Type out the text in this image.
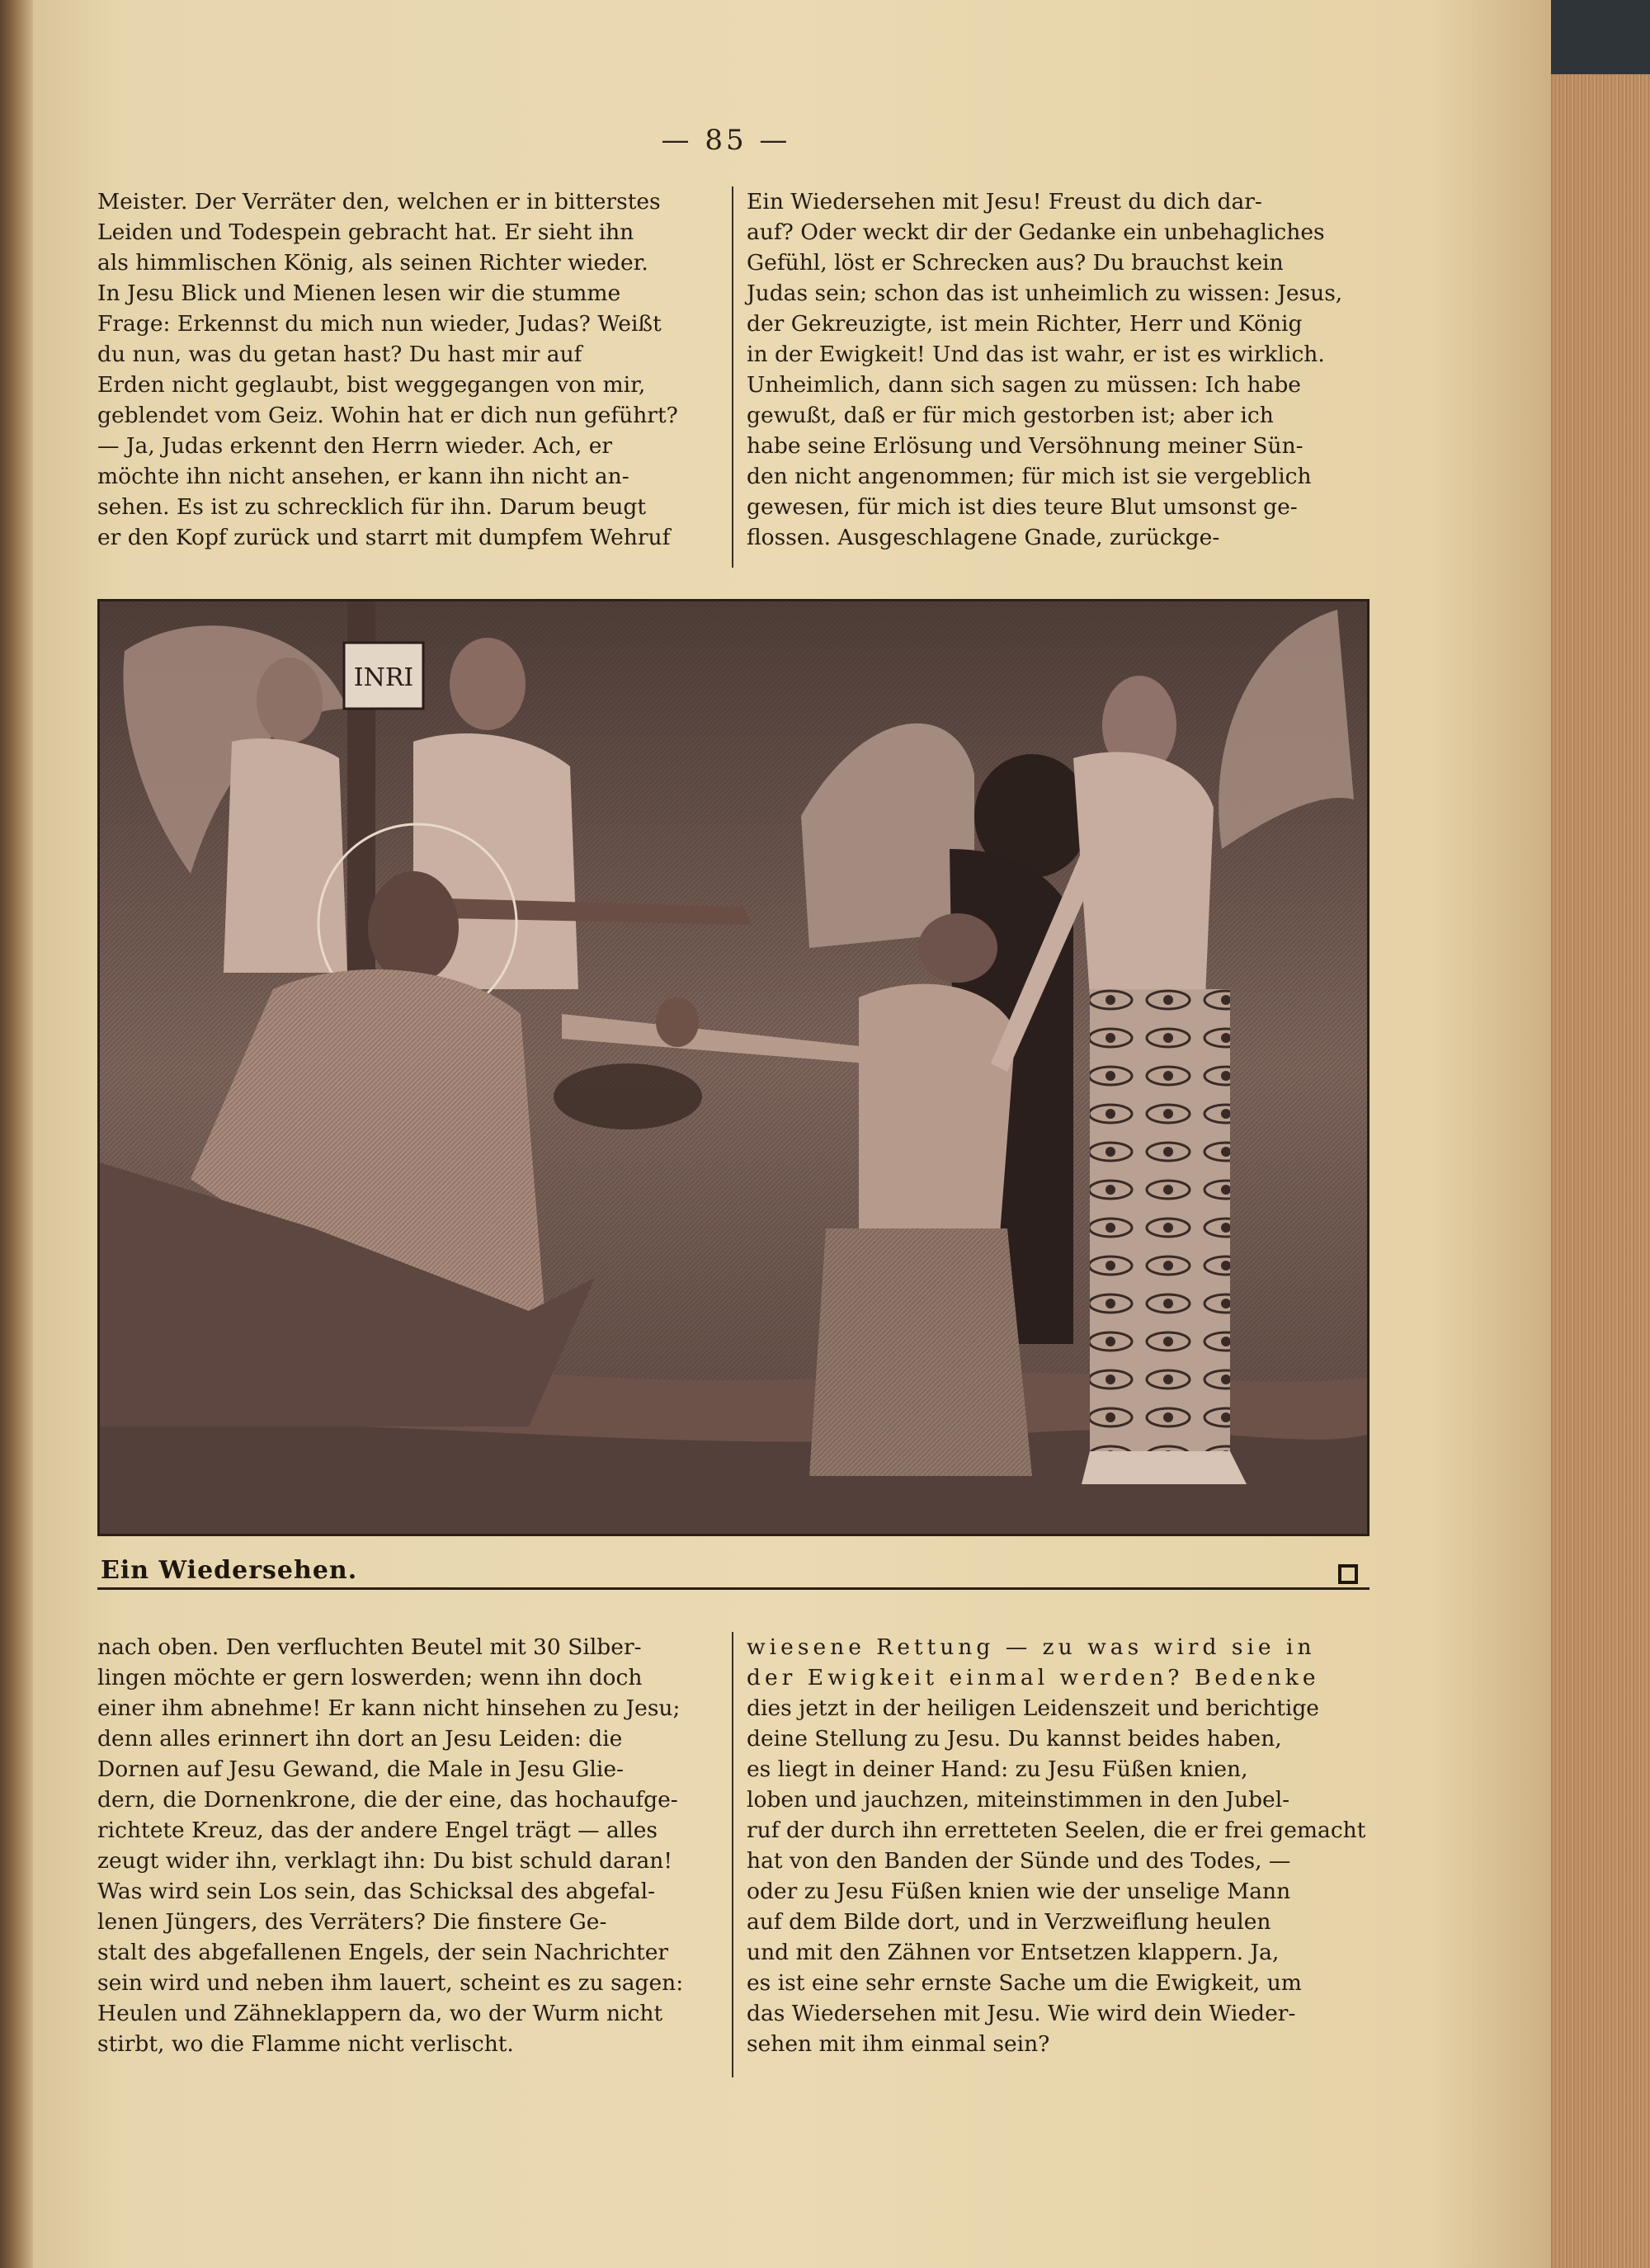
— 85 —

Meister. Der Verräter den, welchen er in bitterstes

Leiden und Todespein gebracht hat. Er sieht ihn

als himmlischen König, als seinen Richter wieder.

In Jesu Blick und Mienen lesen wir die stumme

Frage: Erkennst du mich nun wieder, Judas? Weißt

du nun, was du getan hast? Du hast mir auf

Erden nicht geglaubt, bist weggegangen von mir,

geblendet vom Geiz. Wohin hat er dich nun geführt?

— Ja, Judas erkennt den Herrn wieder. Ach, er

möchte ihn nicht ansehen, er kann ihn nicht an-

sehen. Es ist zu schrecklich für ihn. Darum beugt

er den Kopf zurück und starrt mit dumpfem Wehruf

Ein Wiedersehen mit Jesu! Freust du dich dar-

auf? Oder weckt dir der Gedanke ein unbehagliches

Gefühl, löst er Schrecken aus? Du brauchst kein

Judas sein; schon das ist unheimlich zu wissen: Jesus,

der Gekreuzigte, ist mein Richter, Herr und König

in der Ewigkeit! Und das ist wahr, er ist es wirklich.

Unheimlich, dann sich sagen zu müssen: Ich habe

gewußt, daß er für mich gestorben ist; aber ich

habe seine Erlösung und Versöhnung meiner Sün-

den nicht angenommen; für mich ist sie vergeblich

gewesen, für mich ist dies teure Blut umsonst ge-

flossen. Ausgeschlagene Gnade, zurückge-

INRI
Ein Wiedersehen.

nach oben. Den verfluchten Beutel mit 30 Silber-

lingen möchte er gern loswerden; wenn ihn doch

einer ihm abnehme! Er kann nicht hinsehen zu Jesu;

denn alles erinnert ihn dort an Jesu Leiden: die

Dornen auf Jesu Gewand, die Male in Jesu Glie-

dern, die Dornenkrone, die der eine, das hochaufge-

richtete Kreuz, das der andere Engel trägt — alles

zeugt wider ihn, verklagt ihn: Du bist schuld daran!

Was wird sein Los sein, das Schicksal des abgefal-

lenen Jüngers, des Verräters? Die finstere Ge-

stalt des abgefallenen Engels, der sein Nachrichter

sein wird und neben ihm lauert, scheint es zu sagen:

Heulen und Zähneklappern da, wo der Wurm nicht

stirbt, wo die Flamme nicht verlischt.

wiesene Rettung — zu was wird sie in

der Ewigkeit einmal werden? Bedenke

dies jetzt in der heiligen Leidenszeit und berichtige

deine Stellung zu Jesu. Du kannst beides haben,

es liegt in deiner Hand: zu Jesu Füßen knien,

loben und jauchzen, miteinstimmen in den Jubel-

ruf der durch ihn erretteten Seelen, die er frei gemacht

hat von den Banden der Sünde und des Todes, —

oder zu Jesu Füßen knien wie der unselige Mann

auf dem Bilde dort, und in Verzweiflung heulen

und mit den Zähnen vor Entsetzen klappern. Ja,

es ist eine sehr ernste Sache um die Ewigkeit, um

das Wiedersehen mit Jesu. Wie wird dein Wieder-

sehen mit ihm einmal sein?
